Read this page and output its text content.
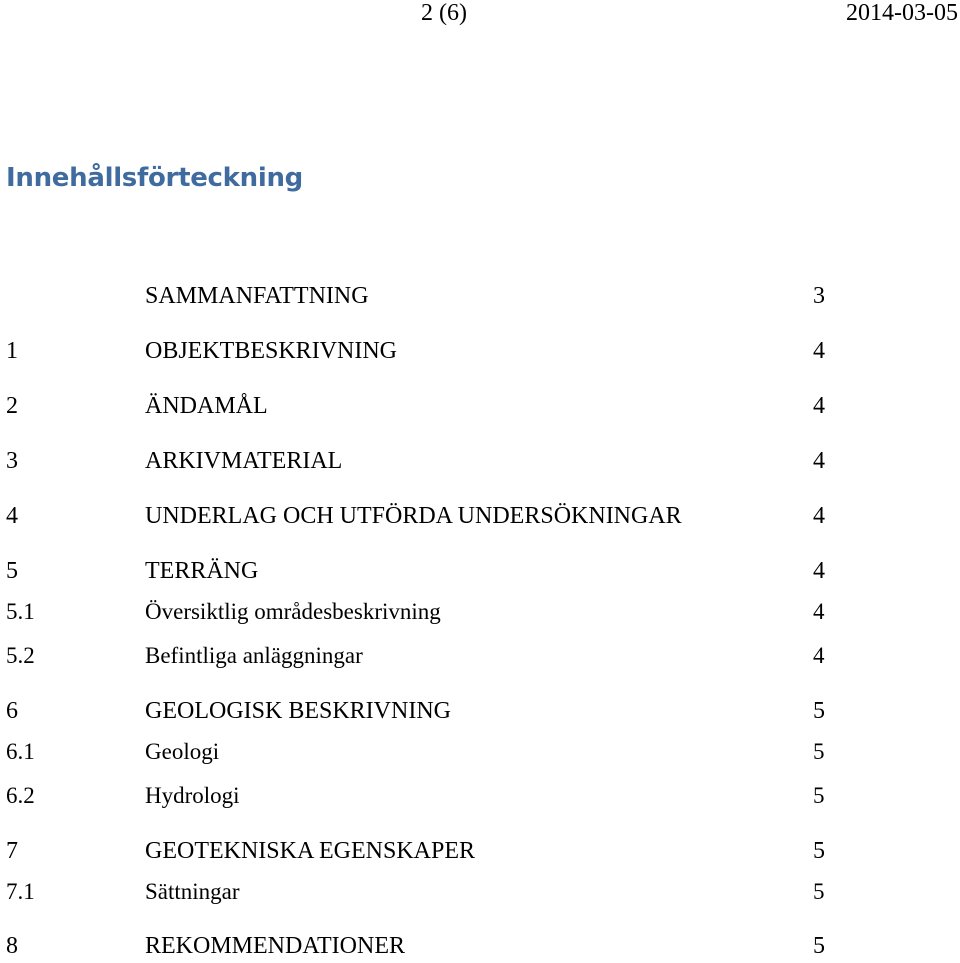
2 (6)	2014-03-05
Innehållsförteckning
SAMMANFATTNING	3
1	OBJEKTBESKRIVNING	4
2	ÄNDAMÅL	4
3	ARKIVMATERIAL	4
4	UNDERLAG OCH UTFÖRDA UNDERSÖKNINGAR	4
5	TERRÄNG	4
5.1	Översiktlig områdesbeskrivning	4
5.2	Befintliga anläggningar	4
6	GEOLOGISK BESKRIVNING	5
6.1	Geologi	5
6.2	Hydrologi	5
7	GEOTEKNISKA EGENSKAPER	5
7.1	Sättningar	5
8	REKOMMENDATIONER	5
